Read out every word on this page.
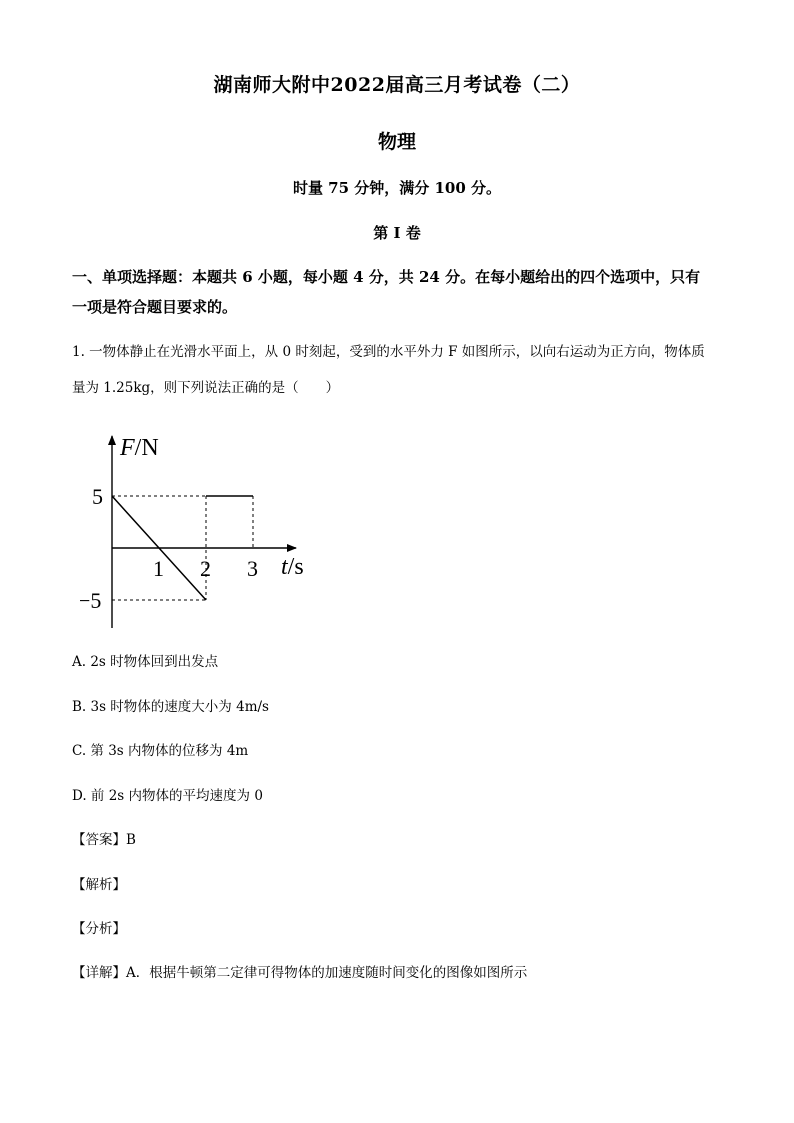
湖南师大附中2022届高三月考试卷（二）
物理
时量 75 分钟，满分 100 分。
第 I 卷
一、单项选择题：本题共 6 小题，每小题 4 分，共 24 分。在每小题给出的四个选项中，只有
一项是符合题目要求的。
1. 一物体静止在光滑水平面上，从 0 时刻起，受到的水平外力 F 如图所示，以向右运动为正方向，物体质
量为 1.25kg，则下列说法正确的是（　　）
F/N
t/s
1 2 3
5
−5
A. 2s 时物体回到出发点
B. 3s 时物体的速度大小为 4m/s
C. 第 3s 内物体的位移为 4m
D. 前 2s 内物体的平均速度为 0
【答案】B
【解析】
【分析】
【详解】A．根据牛顿第二定律可得物体的加速度随时间变化的图像如图所示
